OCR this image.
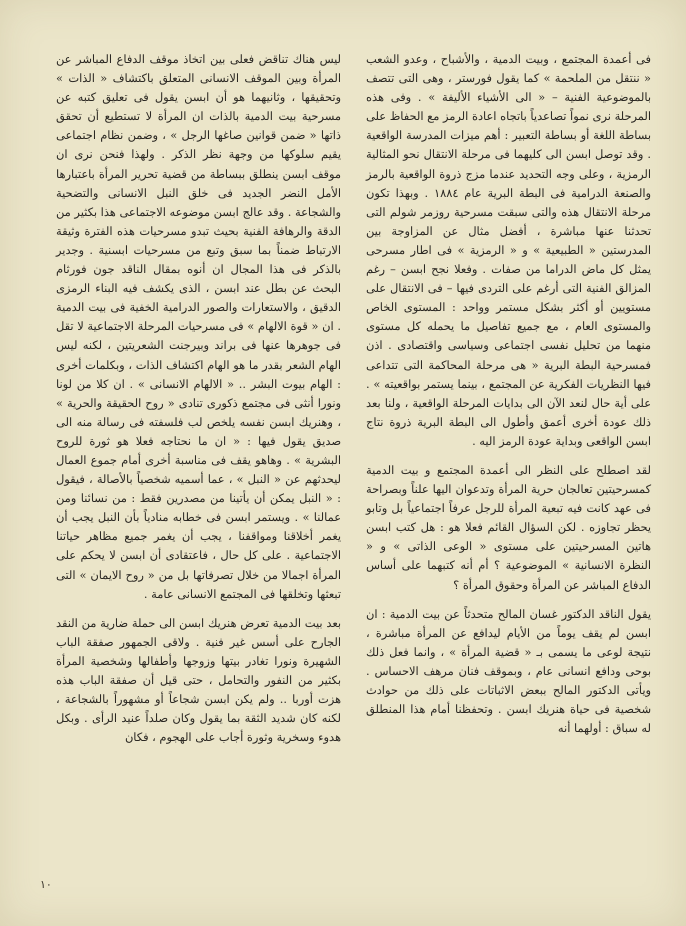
فى أعمدة المجتمع ، وبيت الدمية ، والأشباح ، وعدو الشعب « ننتقل من الملحمة » كما يقول فورستر ، وهى التى تتصف بالموضوعية الفنية – « الى الأشياء الأليفة » . وفى هذه المرحلة نرى نمواً تصاعدياً باتجاه اعادة الرمز مع الحفاظ على بساطة اللغة أو بساطة التعبير : أهم ميزات المدرسة الواقعية . وقد توصل ابسن الى كليهما فى مرحلة الانتقال نحو المثالية الرمزية ، وعلى وجه التحديد عندما مزج ذروة الواقعية بالرمز والصنعة الدرامية فى البطة البرية عام ١٨٨٤ . وبهذا تكون مرحلة الانتقال هذه والتى سبقت مسرحية روزمر شولم التى تحدثنا عنها مباشرة ، أفضل مثال عن المزاوجة بين المدرستين « الطبيعية » و « الرمزية » فى اطار مسرحى يمثل كل ماض الدراما من صفات . وفعلا نجح ابسن – رغم المزالق الفنية التى أرغم على التردى فيها – فى الانتقال على مستويين أو أكثر بشكل مستمر وواحد : المستوى الخاص والمستوى العام ، مع جميع تفاصيل ما يحمله كل مستوى منهما من تحليل نفسى اجتماعى وسياسى واقتصادى . اذن فمسرحية البطة البرية « هى مرحلة المحاكمة التى تتداعى فيها النظريات الفكرية عن المجتمع ، بينما يستمر بواقعيته » . على أية حال لنعد الآن الى بدايات المرحلة الواقعية ، ولنا بعد ذلك عودة أخرى أعمق وأطول الى البطة البرية ذروة نتاج ابسن الواقعى وبداية عودة الرمز اليه .

لقد اصطلح على النظر الى أعمدة المجتمع و بيت الدمية كمسرحيتين تعالجان حرية المرأة وتدعوان اليها علناً وبصراحة فى عهد كانت فيه تبعية المرأة للرجل عرفاً اجتماعياً بل وتابو يحظر تجاوزه . لكن السؤال القائم فعلا هو : هل كتب ابسن هاتين المسرحيتين على مستوى « الوعى الذاتى » و « النظرة الانسانية » الموضوعية ؟ أم أنه كتبهما على أساس الدفاع المباشر عن المرأة وحقوق المرأة ؟

يقول الناقد الدكتور غسان المالح متحدثاً عن بيت الدمية : ان ابسن لم يقف يوماً من الأيام ليدافع عن المرأة مباشرة ، نتيجة لوعى ما يسمى بـ « قضية المرأة » ، وانما فعل ذلك بوحى ودافع انسانى عام ، وبموقف فنان مرهف الاحساس . ويأتى الدكتور المالح ببعض الاثباتات على ذلك من حوادث شخصية فى حياة هنريك ابسن . وتحفظنا أمام هذا المنطلق له سباق : أولهما أنه

ليس هناك تناقض فعلى بين اتخاذ موقف الدفاع المباشر عن المرأة وبين الموقف الانسانى المتعلق باكتشاف « الذات » وتحقيقها ، وثانيهما هو أن ابسن يقول فى تعليق كتبه عن مسرحية بيت الدمية بالذات ان المرأة لا تستطيع أن تحقق ذاتها « ضمن قوانين صاغها الرجل » ، وضمن نظام اجتماعى يقيم سلوكها من وجهة نظر الذكر . ولهذا فنحن نرى ان موقف ابسن ينطلق ببساطة من قضية تحرير المرأة باعتبارها الأمل النضر الجديد فى خلق النبل الانسانى والتضحية والشجاعة . وقد عالج ابسن موضوعه الاجتماعى هذا بكثير من الدقة والرهافة الفنية بحيث تبدو مسرحيات هذه الفترة وثيقة الارتباط ضمناً بما سبق وتبع من مسرحيات ابسنية . وجدير بالذكر فى هذا المجال ان أنوه بمقال الناقد جون فورثام البحث عن بطل عند ابسن ، الذى يكشف فيه البناء الرمزى الدقيق ، والاستعارات والصور الدرامية الخفية فى بيت الدمية . ان « قوة الالهام » فى مسرحيات المرحلة الاجتماعية لا تقل فى جوهرها عنها فى براند وبيرجنت الشعريتين ، لكنه ليس الهام الشعر بقدر ما هو الهام اكتشاف الذات ، وبكلمات أخرى : الهام بيوت البشر .. « الالهام الانسانى » . ان كلا من لونا ونورا أنثى فى مجتمع ذكورى تنادى « روح الحقيقة والحرية » ، وهنريك ابسن نفسه يلخص لب فلسفته فى رسالة منه الى صديق يقول فيها : « ان ما نحتاجه فعلا هو ثورة للروح البشرية » . وهاهو يقف فى مناسبة أخرى أمام جموع العمال ليحدثهم عن « النبل » ، عما أسميه شخصياً بالأصالة ، فيقول : « النبل يمكن أن يأتينا من مصدرين فقط : من نسائنا ومن عمالنا » . ويستمر ابسن فى خطابه منادياً بأن النبل يجب أن يغمر أخلاقنا ومواقفنا ، يجب أن يغمر جميع مظاهر حياتنا الاجتماعية . على كل حال ، فاعتقادى أن ابسن لا يحكم على المرأة اجمالا من خلال تصرفاتها بل من « روح الايمان » التى تبعثها وتخلقها فى المجتمع الانسانى عامة .

بعد بيت الدمية تعرض هنريك ابسن الى حملة ضارية من النقد الجارح على أسس غير فنية . ولاقى الجمهور صفقة الباب الشهيرة ونورا تغادر بيتها وزوجها وأطفالها وشخصية المرأة بكثير من النفور والتحامل ، حتى قيل أن صفقة الباب هذه هزت أوربا .. ولم يكن ابسن شجاعاً أو مشهوراً بالشجاعة ، لكنه كان شديد الثقة بما يقول وكان صلداً عنيد الرأى . وبكل هدوء وسخرية وثورة أجاب على الهجوم ، فكان

١٠
